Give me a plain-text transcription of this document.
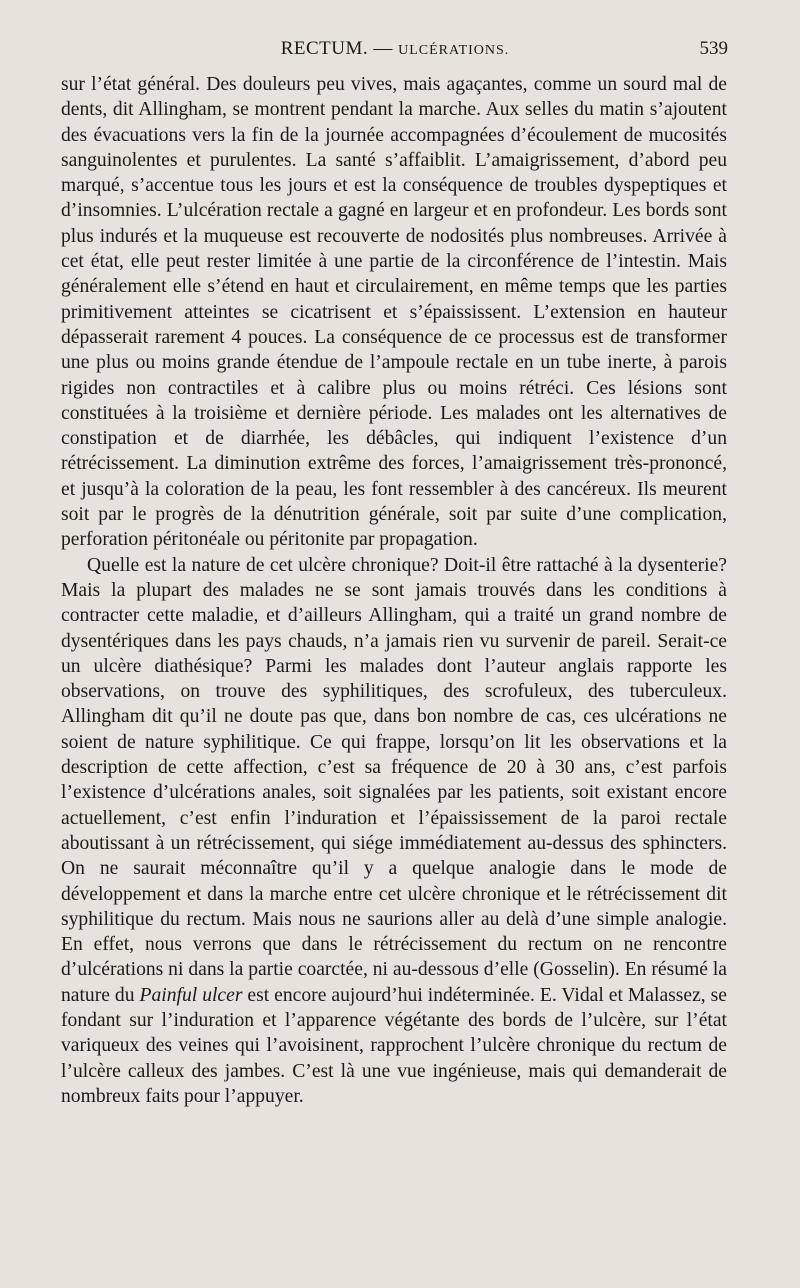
RECTUM. — ULCÉRATIONS.	539

sur l’état général. Des douleurs peu vives, mais agaçantes, comme un sourd mal de dents, dit Allingham, se montrent pendant la marche. Aux selles du matin s’ajoutent des évacuations vers la fin de la journée accompagnées d’écoulement de mucosités sanguinolentes et purulentes. La santé s’affaiblit. L’amaigrissement, d’abord peu marqué, s’accentue tous les jours et est la conséquence de troubles dyspeptiques et d’insomnies. L’ulcération rectale a gagné en largeur et en profondeur. Les bords sont plus indurés et la muqueuse est recouverte de nodosités plus nombreuses. Arrivée à cet état, elle peut rester limitée à une partie de la circonférence de l’intestin. Mais généralement elle s’étend en haut et circulairement, en même temps que les parties primitivement atteintes se cicatrisent et s’épaississent. L’extension en hauteur dépasserait rarement 4 pouces. La conséquence de ce processus est de transformer une plus ou moins grande étendue de l’ampoule rectale en un tube inerte, à parois rigides non contractiles et à calibre plus ou moins rétréci. Ces lésions sont constituées à la troisième et dernière période. Les malades ont les alternatives de constipation et de diarrhée, les débâcles, qui indiquent l’existence d’un rétrécissement. La diminution extrême des forces, l’amaigrissement très-prononcé, et jusqu’à la coloration de la peau, les font ressembler à des cancéreux. Ils meurent soit par le progrès de la dénutrition générale, soit par suite d’une complication, perforation péritonéale ou péritonite par propagation.

Quelle est la nature de cet ulcère chronique? Doit-il être rattaché à la dysenterie? Mais la plupart des malades ne se sont jamais trouvés dans les conditions à contracter cette maladie, et d’ailleurs Allingham, qui a traité un grand nombre de dysentériques dans les pays chauds, n’a jamais rien vu survenir de pareil. Serait-ce un ulcère diathésique? Parmi les malades dont l’auteur anglais rapporte les observations, on trouve des syphilitiques, des scrofuleux, des tuberculeux. Allingham dit qu’il ne doute pas que, dans bon nombre de cas, ces ulcérations ne soient de nature syphilitique. Ce qui frappe, lorsqu’on lit les observations et la description de cette affection, c’est sa fréquence de 20 à 30 ans, c’est parfois l’existence d’ulcérations anales, soit signalées par les patients, soit existant encore actuellement, c’est enfin l’induration et l’épaississement de la paroi rectale aboutissant à un rétrécissement, qui siége immédiatement au-dessus des sphincters. On ne saurait méconnaître qu’il y a quelque analogie dans le mode de développement et dans la marche entre cet ulcère chronique et le rétrécissement dit syphilitique du rectum. Mais nous ne saurions aller au delà d’une simple analogie. En effet, nous verrons que dans le rétrécissement du rectum on ne rencontre d’ulcérations ni dans la partie coarctée, ni au-dessous d’elle (Gosselin). En résumé la nature du Painful ulcer est encore aujourd’hui indéterminée. E. Vidal et Malassez, se fondant sur l’induration et l’apparence végétante des bords de l’ulcère, sur l’état variqueux des veines qui l’avoisinent, rapprochent l’ulcère chronique du rectum de l’ulcère calleux des jambes. C’est là une vue ingénieuse, mais qui demanderait de nombreux faits pour l’appuyer.
